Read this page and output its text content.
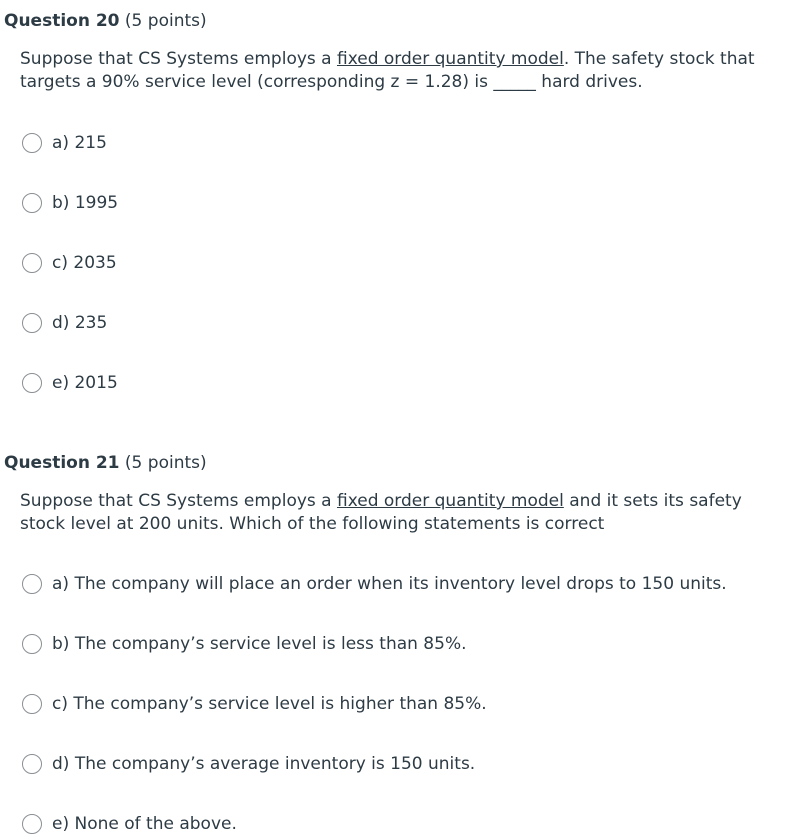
Question 20 (5 points)
Suppose that CS Systems employs a fixed order quantity model. The safety stock that targets a 90% service level (corresponding z = 1.28) is _____ hard drives.
a) 215
b) 1995
c) 2035
d) 235
e) 2015
Question 21 (5 points)
Suppose that CS Systems employs a fixed order quantity model and it sets its safety stock level at 200 units. Which of the following statements is correct
a) The company will place an order when its inventory level drops to 150 units.
b) The company’s service level is less than 85%.
c) The company’s service level is higher than 85%.
d) The company’s average inventory is 150 units.
e) None of the above.
